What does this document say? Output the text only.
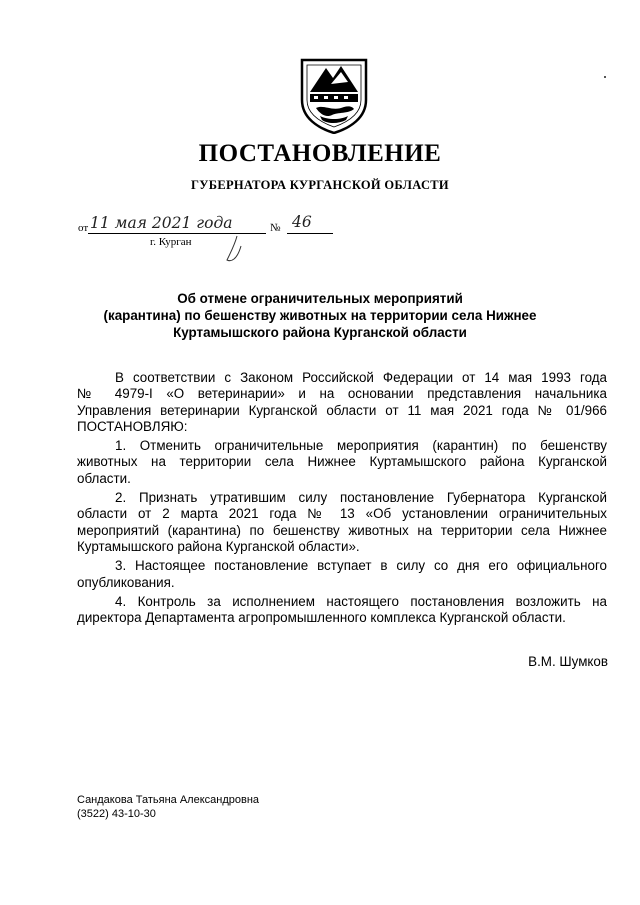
ПОСТАНОВЛЕНИЕ
ГУБЕРНАТОРА КУРГАНСКОЙ ОБЛАСТИ
от 11 мая 2021 года	№ 46
г. Курган
Об отмене ограничительных мероприятий
(карантина) по бешенству животных на территории села Нижнее
Куртамышского района Курганской области

В соответствии с Законом Российской Федерации от 14 мая 1993 года
№ 4979-I «О ветеринарии» и на основании представления начальника
Управления ветеринарии Курганской области от 11 мая 2021 года № 01/966
ПОСТАНОВЛЯЮ:

1. Отменить ограничительные мероприятия (карантин) по бешенству
животных на территории села Нижнее Куртамышского района Курганской
области.

2. Признать утратившим силу постановление Губернатора Курганской
области от 2 марта 2021 года № 13 «Об установлении ограничительных
мероприятий (карантина) по бешенству животных на территории села Нижнее
Куртамышского района Курганской области».

3. Настоящее постановление вступает в силу со дня его официального
опубликования.

4. Контроль за исполнением настоящего постановления возложить на
директора Департамента агропромышленного комплекса Курганской области.

В.М. Шумков
Сандакова Татьяна Александровна
(3522) 43-10-30
